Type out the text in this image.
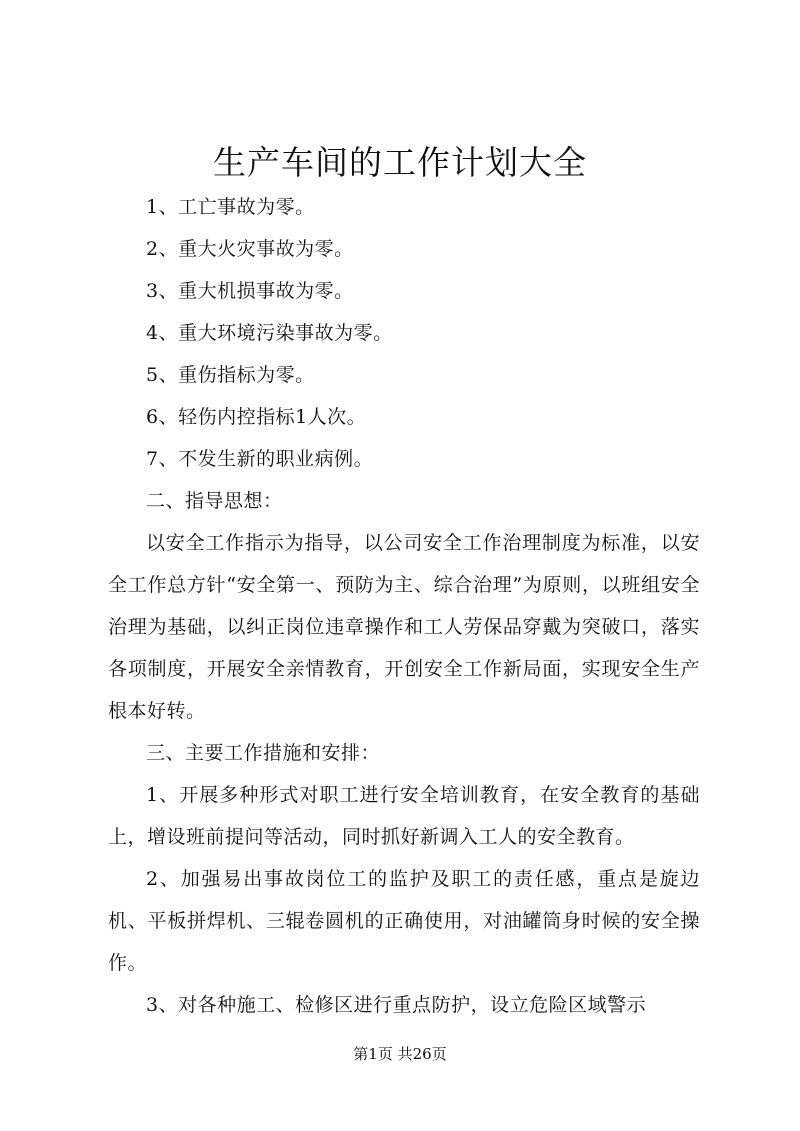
生产车间的工作计划大全

1、工亡事故为零。

2、重大火灾事故为零。

3、重大机损事故为零。

4、重大环境污染事故为零。

5、重伤指标为零。

6、轻伤内控指标1人次。

7、不发生新的职业病例。

二、指导思想：

以安全工作指示为指导，以公司安全工作治理制度为标准，以安全工作总方针“安全第一、预防为主、综合治理”为原则，以班组安全治理为基础，以纠正岗位违章操作和工人劳保品穿戴为突破口，落实各项制度，开展安全亲情教育，开创安全工作新局面，实现安全生产根本好转。

三、主要工作措施和安排：

1、开展多种形式对职工进行安全培训教育，在安全教育的基础上，增设班前提问等活动，同时抓好新调入工人的安全教育。

2、加强易出事故岗位工的监护及职工的责任感，重点是旋边机、平板拼焊机、三辊卷圆机的正确使用，对油罐筒身时候的安全操作。

3、对各种施工、检修区进行重点防护，设立危险区域警示

第1页 共26页
